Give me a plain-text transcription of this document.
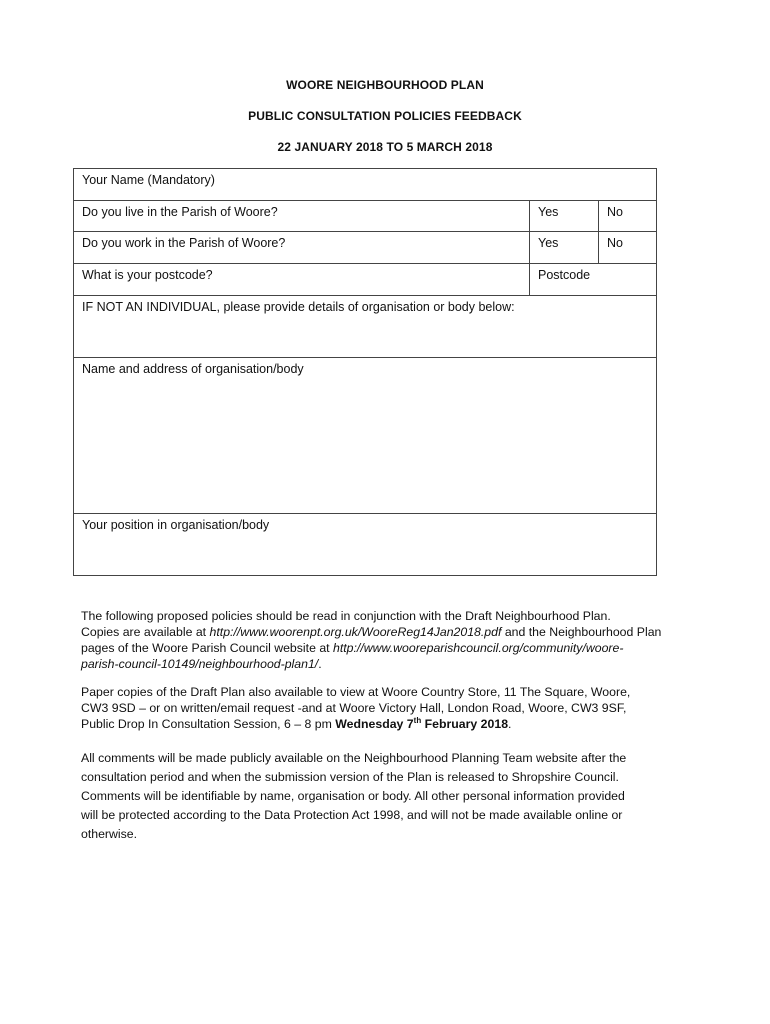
WOORE NEIGHBOURHOOD PLAN
PUBLIC CONSULTATION POLICIES FEEDBACK
22 JANUARY 2018 TO 5 MARCH 2018
Your Name (Mandatory)
Do you live in the Parish of Woore?	Yes	No
Do you work in the Parish of Woore?	Yes	No
What is your postcode?	Postcode
IF NOT AN INDIVIDUAL, please provide details of organisation or body below:
Name and address of organisation/body
Your position in organisation/body
The following proposed policies should be read in conjunction with the Draft Neighbourhood Plan.
Copies are available at http://www.woorenpt.org.uk/WooreReg14Jan2018.pdf and the Neighbourhood Plan
pages of the Woore Parish Council website at http://www.wooreparishcouncil.org/community/woore-
parish-council-10149/neighbourhood-plan1/.
Paper copies of the Draft Plan also available to view at Woore Country Store, 11 The Square, Woore,
CW3 9SD – or on written/email request -and at Woore Victory Hall, London Road, Woore, CW3 9SF,
Public Drop In Consultation Session, 6 – 8 pm Wednesday 7th February 2018.
All comments will be made publicly available on the Neighbourhood Planning Team website after the
consultation period and when the submission version of the Plan is released to Shropshire Council.
Comments will be identifiable by name, organisation or body. All other personal information provided
will be protected according to the Data Protection Act 1998, and will not be made available online or
otherwise.
